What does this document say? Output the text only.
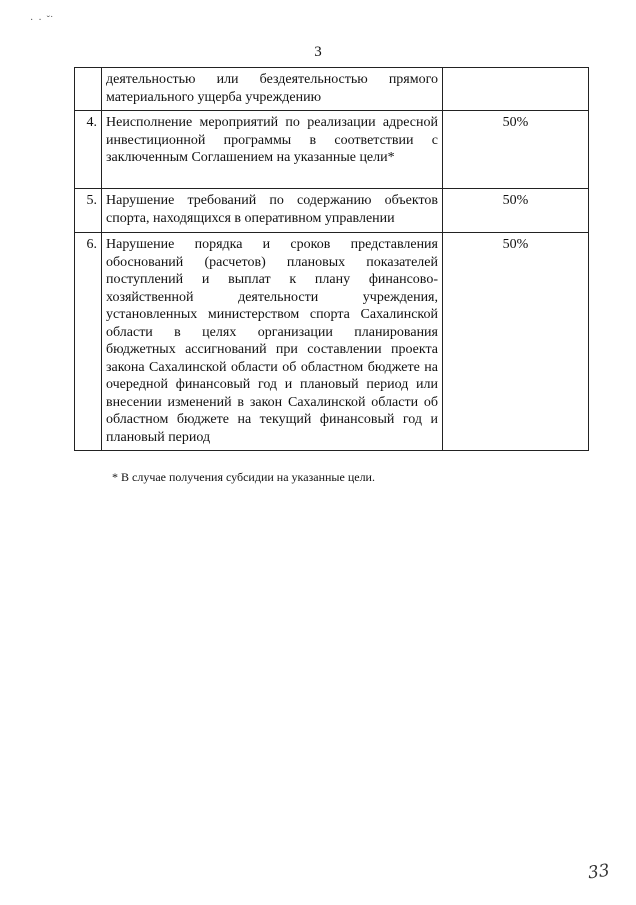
·  ·  ˇ˙
3
	деятельностью или бездеятельностью прямого материального ущерба учреждению	
4.	Неисполнение мероприятий по реализации адресной инвестиционной программы в соответствии с заключенным Соглашением на указанные цели*	50%
5.	Нарушение требований по содержанию объектов спорта, находящихся в оперативном управлении	50%
6.	Нарушение порядка и сроков представления обоснований (расчетов) плановых показателей поступлений и выплат к плану финансово-хозяйственной деятельности учреждения, установленных министерством спорта Сахалинской области в целях организации планирования бюджетных ассигнований при составлении проекта закона Сахалинской области об областном бюджете на очередной финансовый год и плановый период или внесении изменений в закон Сахалинской области об областном бюджете на текущий финансовый год и плановый период	50%
* В случае получения субсидии на указанные цели.
33
